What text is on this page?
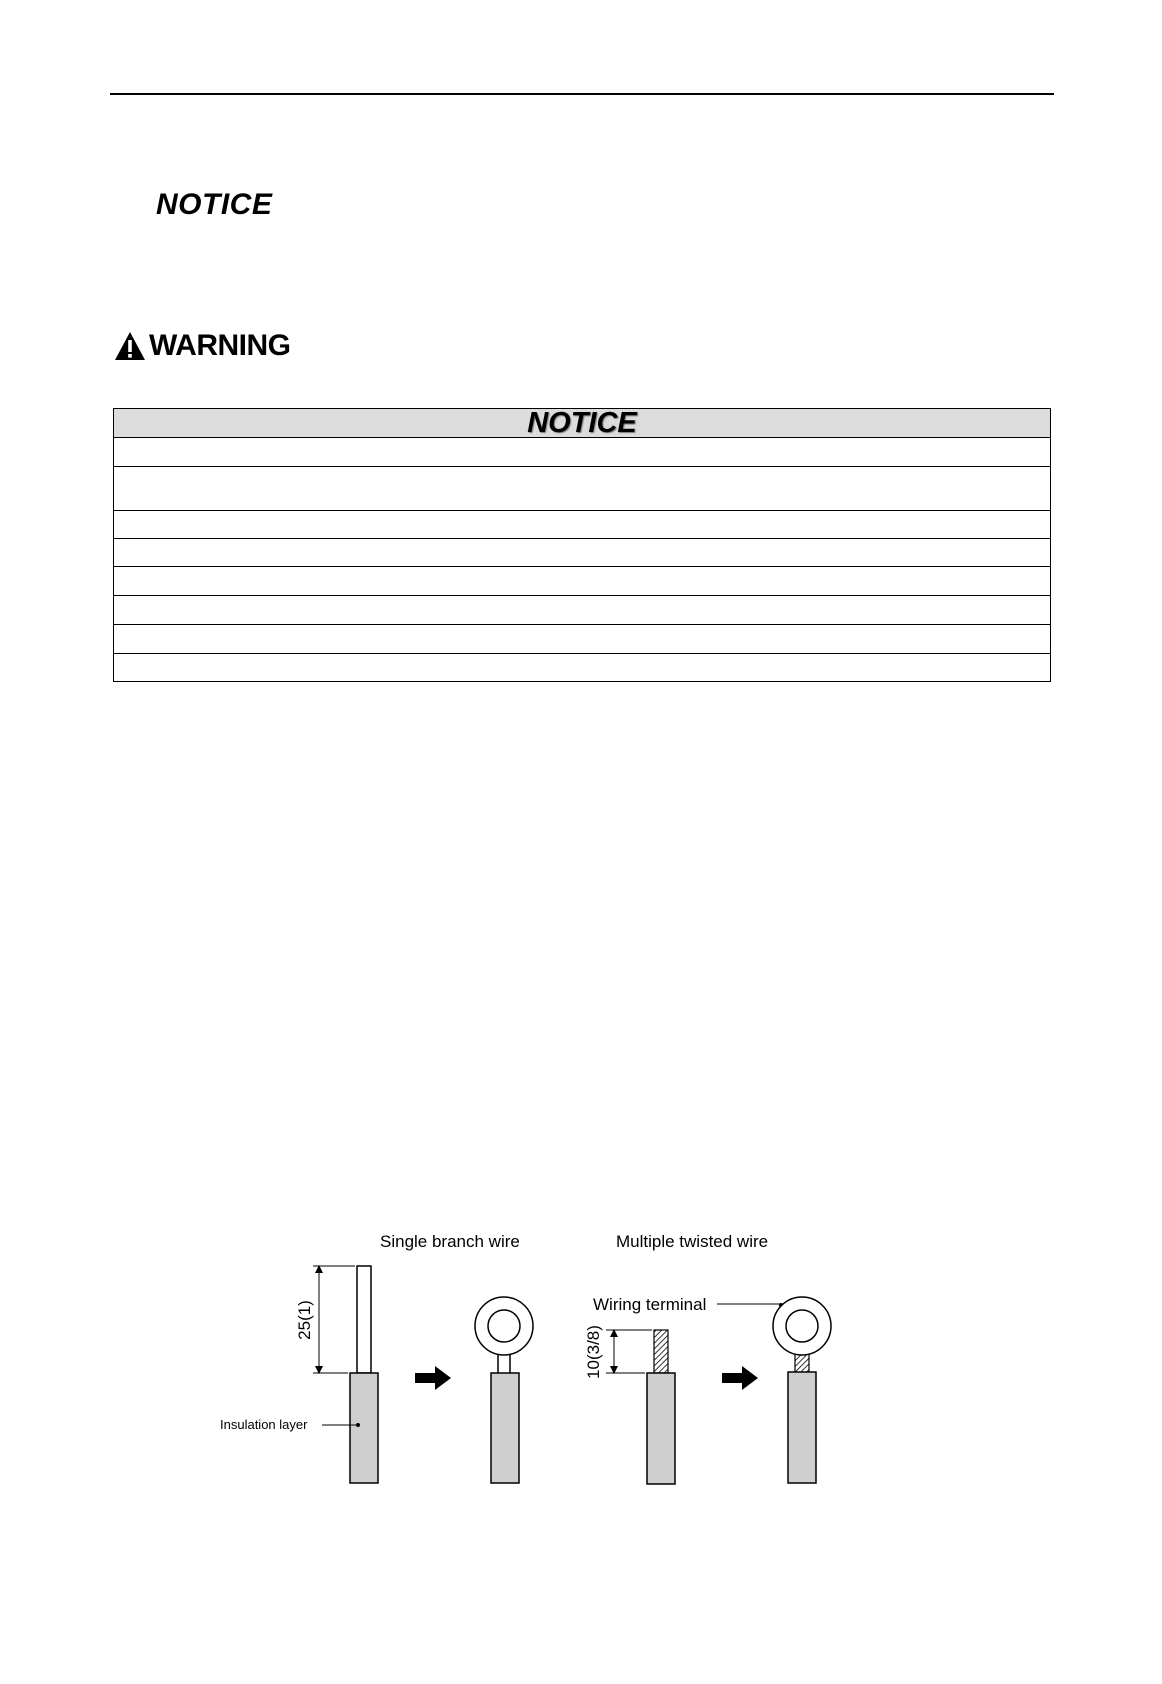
NOTICE
WARNING
NOTICE

Single branch wire	Multiple twisted wire
25(1)
Insulation layer
10(3/8)
Wiring terminal
